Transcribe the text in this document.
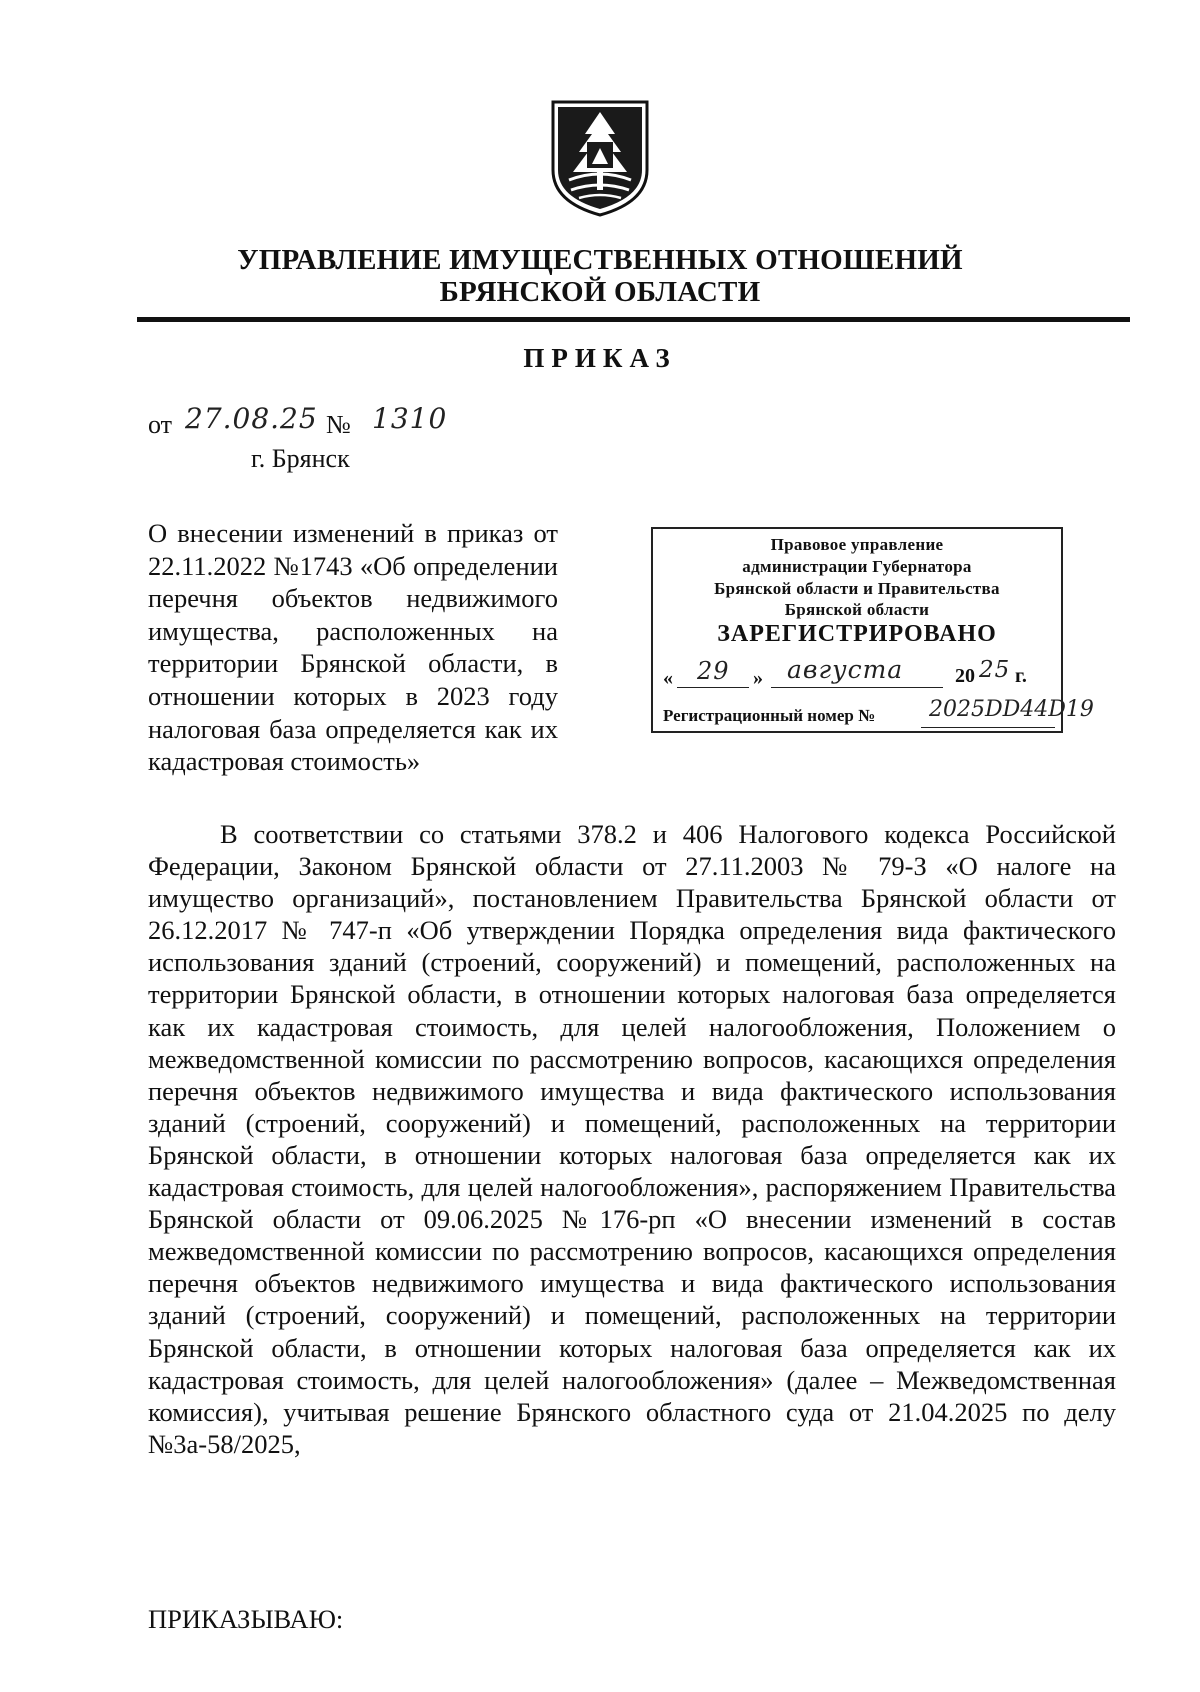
УПРАВЛЕНИЕ ИМУЩЕСТВЕННЫХ ОТНОШЕНИЙ
БРЯНСКОЙ ОБЛАСТИ
ПРИКАЗ
от 27.08.25 № 1310
г. Брянск
О внесении изменений в приказ от 22.11.2022 №1743 «Об определении перечня объектов недвижимого имущества, расположенных на территории Брянской области, в отношении которых в 2023 году налоговая база определяется как их кадастровая стоимость»
Правовое управление
администрации Губернатора
Брянской области и Правительства
Брянской области
ЗАРЕГИСТРИРОВАНО
« 29 » августа	20 25 г.
Регистрационный номер № 2025DD44D19
В соответствии со статьями 378.2 и 406 Налогового кодекса Российской Федерации, Законом Брянской области от 27.11.2003 № 79-З «О налоге на имущество организаций», постановлением Правительства Брянской области от 26.12.2017 № 747-п «Об утверждении Порядка определения вида фактического использования зданий (строений, сооружений) и помещений, расположенных на территории Брянской области, в отношении которых налоговая база определяется как их кадастровая стоимость, для целей налогообложения, Положением о межведомственной комиссии по рассмотрению вопросов, касающихся определения перечня объектов недвижимого имущества и вида фактического использования зданий (строений, сооружений) и помещений, расположенных на территории Брянской области, в отношении которых налоговая база определяется как их кадастровая стоимость, для целей налогообложения», распоряжением Правительства Брянской области от 09.06.2025 №176-рп «О внесении изменений в состав межведомственной комиссии по рассмотрению вопросов, касающихся определения перечня объектов недвижимого имущества и вида фактического использования зданий (строений, сооружений) и помещений, расположенных на территории Брянской области, в отношении которых налоговая база определяется как их кадастровая стоимость, для целей налогообложения» (далее – Межведомственная комиссия), учитывая решение Брянского областного суда от 21.04.2025 по делу №3а-58/2025,
ПРИКАЗЫВАЮ:
